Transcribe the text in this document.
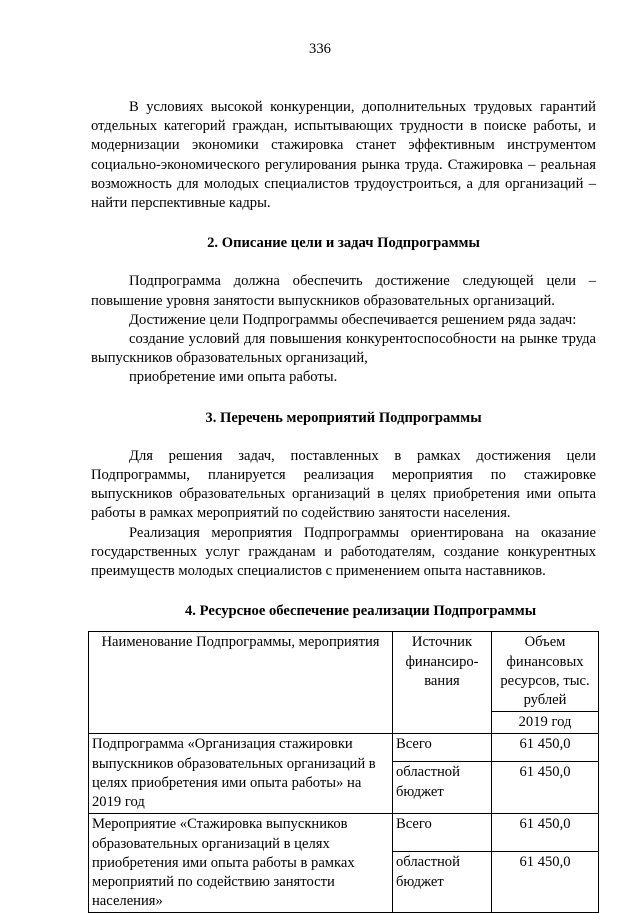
336

В условиях высокой конкуренции, дополнительных трудовых гарантий отдельных категорий граждан, испытывающих трудности в поиске работы, и модернизации экономики стажировка станет эффективным инструментом социально-экономического регулирования рынка труда. Стажировка – реальная возможность для молодых специалистов трудоустроиться, а для организаций – найти перспективные кадры.

2. Описание цели и задач Подпрограммы

Подпрограмма должна обеспечить достижение следующей цели – повышение уровня занятости выпускников образовательных организаций.

Достижение цели Подпрограммы обеспечивается решением ряда задач:

создание условий для повышения конкурентоспособности на рынке труда выпускников образовательных организаций,

приобретение ими опыта работы.

3. Перечень мероприятий Подпрограммы

Для решения задач, поставленных в рамках достижения цели Подпрограммы, планируется реализация мероприятия по стажировке выпускников образовательных организаций в целях приобретения ими опыта работы в рамках мероприятий по содействию занятости населения.

Реализация мероприятия Подпрограммы ориентирована на оказание государственных услуг гражданам и работодателям, создание конкурентных преимуществ молодых специалистов с применением опыта наставников.

4. Ресурсное обеспечение реализации Подпрограммы
Наименование Подпрограммы, мероприятия	Источник финансиро-вания	Объем финансовых ресурсов, тыс. рублей
		2019 год
Подпрограмма «Организация стажировки выпускников образовательных организаций в целях приобретения ими опыта работы» на 2019 год	Всего	61 450,0
	областной бюджет	61 450,0
Мероприятие «Стажировка выпускников образовательных организаций в целях приобретения ими опыта работы в рамках мероприятий по содействию занятости населения»	Всего	61 450,0
	областной бюджет	61 450,0
